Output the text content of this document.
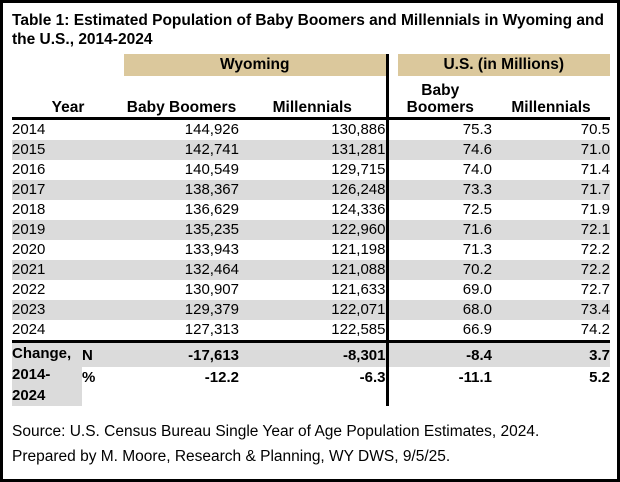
Table 1: Estimated Population of Baby Boomers and Millennials in Wyoming and the U.S., 2014-2024

		Wyoming		U.S. (in Millions)	

Year		Baby Boomers	Millennials	Baby Boomers	Millennials
2014		144,926	130,886	75.3	70.5
2015		142,741	131,281	74.6	71.0
2016		140,549	129,715	74.0	71.4
2017		138,367	126,248	73.3	71.7
2018		136,629	124,336	72.5	71.9
2019		135,235	122,960	71.6	72.1
2020		133,943	121,198	71.3	72.2
2021		132,464	121,088	70.2	72.2
2022		130,907	121,633	69.0	72.7
2023		129,379	122,071	68.0	73.4
2024		127,313	122,585	66.9	74.2
Change, 2014-2024	N	-17,613	-8,301	-8.4	3.7
	%	-12.2	-6.3	-11.1	5.2
Source: U.S. Census Bureau Single Year of Age Population Estimates, 2024.
Prepared by M. Moore, Research & Planning, WY DWS, 9/5/25.
